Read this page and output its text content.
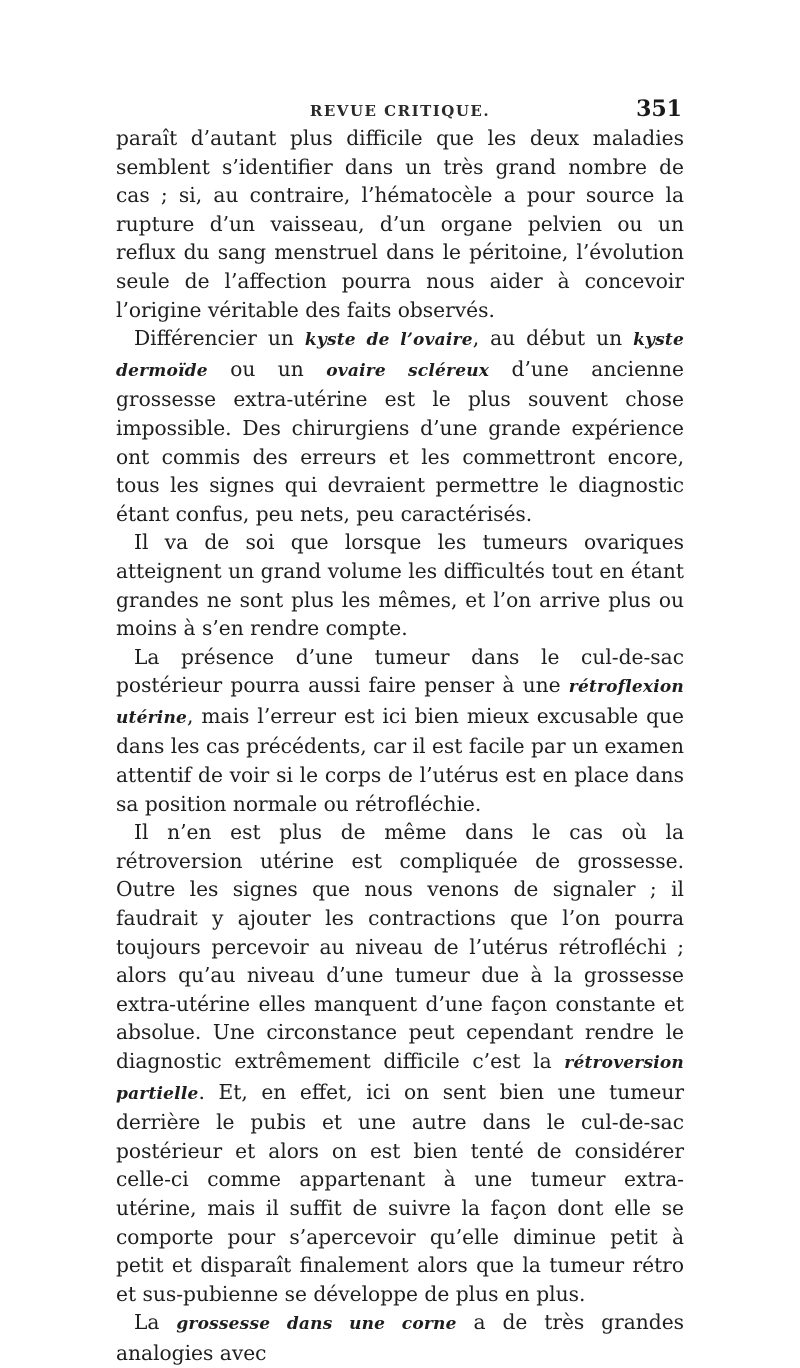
REVUE CRITIQUE.	351

paraît d’autant plus difficile que les deux maladies semblent s’identifier dans un très grand nombre de cas ; si, au contraire, l’hématocèle a pour source la rupture d’un vaisseau, d’un organe pelvien ou un reflux du sang menstruel dans le péritoine, l’évolution seule de l’affection pourra nous aider à concevoir l’origine véritable des faits observés.

Différencier un kyste de l’ovaire, au début un kyste dermoïde ou un ovaire scléreux d’une ancienne grossesse extra-utérine est le plus souvent chose impossible. Des chirurgiens d’une grande expérience ont commis des erreurs et les commettront encore, tous les signes qui devraient permettre le diagnostic étant confus, peu nets, peu caractérisés.

Il va de soi que lorsque les tumeurs ovariques atteignent un grand volume les difficultés tout en étant grandes ne sont plus les mêmes, et l’on arrive plus ou moins à s’en rendre compte.

La présence d’une tumeur dans le cul-de-sac postérieur pourra aussi faire penser à une rétroflexion utérine, mais l’erreur est ici bien mieux excusable que dans les cas précédents, car il est facile par un examen attentif de voir si le corps de l’utérus est en place dans sa position normale ou rétrofléchie.

Il n’en est plus de même dans le cas où la rétroversion utérine est compliquée de grossesse. Outre les signes que nous venons de signaler ; il faudrait y ajouter les contractions que l’on pourra toujours percevoir au niveau de l’utérus rétrofléchi ; alors qu’au niveau d’une tumeur due à la grossesse extra-utérine elles manquent d’une façon constante et absolue. Une circonstance peut cependant rendre le diagnostic extrêmement difficile c’est la rétroversion partielle. Et, en effet, ici on sent bien une tumeur derrière le pubis et une autre dans le cul-de-sac postérieur et alors on est bien tenté de considérer celle-ci comme appartenant à une tumeur extra-utérine, mais il suffit de suivre la façon dont elle se comporte pour s’apercevoir qu’elle diminue petit à petit et disparaît finalement alors que la tumeur rétro et sus-pubienne se développe de plus en plus.

La grossesse dans une corne a de très grandes analogies avec
